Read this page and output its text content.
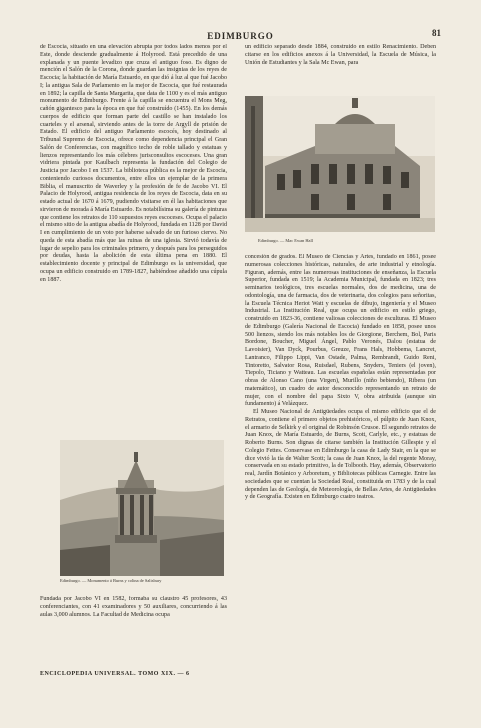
EDIMBURGO	81

de Escocia, situado en una elevación abrupta por todos lados menos por el Este, donde desciende gradualmente á Holyrood. Está precedido de una explanada y un puente levadizo que cruza el antiguo foso. Es digno de mención el Salón de la Corona, donde guardan las insignias de los reyes de Escocia; la habitación de María Estuardo, en que dió á luz al que fué Jacobo I; la antigua Sala de Parlamento en la mejor de Escocia, que fué restaurada en 1892; la capilla de Santa Margarita, que data de 1100 y es el más antiguo monumento de Edimburgo. Frente á la capilla se encuentra el Mons Meg, cañón gigantesco para la época en que fué construído (1455). En los demás cuerpos de edificio que forman parte del castillo se han instalado los cuarteles y el arsenal, sirviendo antes de la torre de Argyll de prisión de Estado. El edificio del antiguo Parlamento escocés, hoy destinado al Tribunal Supremo de Escocia, ofrece como dependencia principal el Gran Salón de Conferencias, con magnífico techo de roble tallado y estatuas y lienzos representando los más célebres jurisconsultos escoceses. Una gran vidriera pintada por Kaulbach representa la fundación del Colegio de Justicia por Jacobo I en 1537. La biblioteca pública es la mejor de Escocia, conteniendo curiosos documentos, entre ellos un ejemplar de la primera Biblia, el manuscrito de Waverley y la profesión de fe de Jacobo VI. El Palacio de Holyrood, antigua residencia de los reyes de Escocia, data en su estado actual de 1670 á 1679, pudiendo visitarse en él las habitaciones que sirvieron de morada á María Estuardo. Es notabilísima su galería de pinturas que contiene los retratos de 110 supuestos reyes escoceses. Ocupa el palacio el mismo sitio de la antigua abadía de Holyrood, fundada en 1128 por David I en cumplimiento de un voto por haberse salvado de un furioso ciervo. No queda de esta abadía más que las ruinas de una iglesia. Sirvió todavía de lugar de sepelio para los criminales primero, y después para los perseguidos por deudas, hasta la abolición de esta última pena en 1880. El establecimiento docente y principal de Edimburgo es la universidad, que ocupa un edificio construido en 1789-1827, habiéndose añadido una cúpula en 1887.

un edificio separado desde 1884, construido en estilo Renacimiento. Deben citarse en los edificios anexos á la Universidad, la Escuela de Música, la Unión de Estudiantes y la Sala Mc Ewan, para

Edimburgo. — Mac Ewan Hall

concesión de grados. El Museo de Ciencias y Artes, fundado en 1861, posee numerosas colecciones históricas, naturales, de arte industrial y etnología. Figuran, además, entre las numerosas instituciones de enseñanza, la Escuela Superior, fundada en 1519; la Academia Municipal, fundada en 1823; tres seminarios teológicos, tres escuelas normales, dos de medicina, una de odontología, una de farmacia, dos de veterinaria, dos colegios para señoritas, la Escuela Técnica Heriot Watt y escuelas de dibujo, ingeniería y el Museo Industrial. La Institución Real, que ocupa un edificio en estilo griego, construido en 1823-36, contiene valiosas colecciones de esculturas. El Museo de Edimburgo (Galería Nacional de Escocia) fundado en 1858, posee unos 500 lienzos, siendo los más notables los de Giorgione, Berchem, Bol, Paris Bordone, Boucher, Miguel Ángel, Pablo Veronés, Dalou (estatua de Lavoisier), Van Dyck, Pourbus, Greuze, Frans Hals, Hobbema, Lancret, Lantranco, Filippo Lippi, Van Ostade, Palma, Rembrandt, Guido Reni, Tintoretto, Salvator Rosa, Ruisdael, Rubens, Snyders, Teniers (el joven), Tiepolo, Ticiano y Watteau. Las escuelas españolas están representadas por obras de Alonso Cano (una Virgen), Murillo (niño bebiendo), Ribera (un matemático), un cuadro de autor desconocido representando un retrato de mujer, con el nombre del papa Sixto V, obra atribuida (aunque sin fundamento) á Velázquez.

El Museo Nacional de Antigüedades ocupa el mismo edificio que el de Retratos, contiene el primero objetos prehistóricos, el púlpito de Juan Knox, el armario de Selkirk y el original de Robinsón Crusoe. El segundo retratos de Juan Knox, de María Estuardo, de Burns, Scott, Carlyle, etc., y estatuas de Roberto Burns. Son dignas de citarse también la Institución Gillespie y el Colegio Fettes. Conservase en Edimburgo la casa de Lady Stair, en la que se dice vivió la tía de Walter Scott; la casa de Juan Knox, la del regente Moray, conservada en su estado primitivo, la de Tolbooth. Hay, además, Observatorio real, Jardín Botánico y Arboretum, y Bibliotecas públicas Carnegie. Entre las sociedades que se cuentan la Sociedad Real, constituida en 1783 y de la cual dependen las de Geología, de Meteorología, de Bellas Artes, de Antigüedades y de Geografía. Existen en Edimburgo cuatro teatros.

Edimburgo. — Monumento á Burns y colina de Salisbury

Fundada por Jacobo VI en 1582, formaba su claustro 45 profesores, 43 conferenciantes, con 41 examinadores y 50 auxiliares, concurriendo á las aulas 3,000 alumnos. La Facultad de Medicina ocupa

ENCICLOPEDIA UNIVERSAL. TOMO XIX. — 6
